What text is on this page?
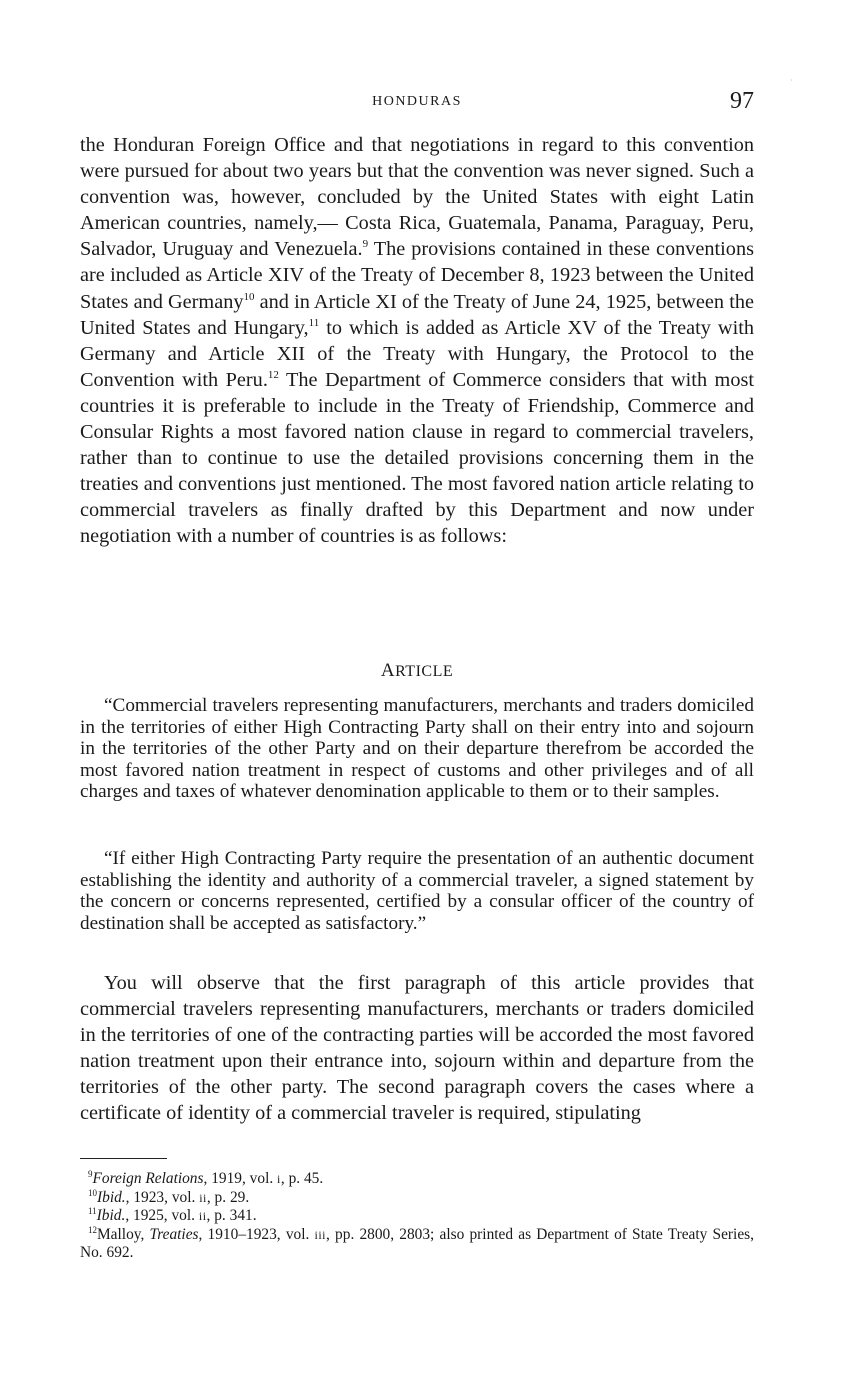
HONDURAS	97
·

the Honduran Foreign Office and that negotiations in regard to this convention were pursued for about two years but that the convention was never signed. Such a convention was, however, concluded by the United States with eight Latin American countries, namely,— Costa Rica, Guatemala, Panama, Paraguay, Peru, Salvador, Uruguay and Venezuela.$^9$ The provisions contained in these conventions are included as Article XIV of the Treaty of December 8, 1923 between the United States and Germany$^{10}$ and in Article XI of the Treaty of June 24, 1925, between the United States and Hungary,$^{11}$ to which is added as Article XV of the Treaty with Germany and Article XII of the Treaty with Hungary, the Protocol to the Convention with Peru.$^{12}$ The Department of Commerce considers that with most countries it is preferable to include in the Treaty of Friendship, Commerce and Consular Rights a most favored nation clause in regard to commercial travelers, rather than to continue to use the detailed provisions concerning them in the treaties and conventions just mentioned. The most favored nation article relating to commercial travelers as finally drafted by this Department and now under negotiation with a number of countries is as follows:

ARTICLE

“Commercial travelers representing manufacturers, merchants and traders domiciled in the territories of either High Contracting Party shall on their entry into and sojourn in the territories of the other Party and on their departure therefrom be accorded the most favored nation treatment in respect of customs and other privileges and of all charges and taxes of whatever denomination applicable to them or to their samples.

“If either High Contracting Party require the presentation of an authentic document establishing the identity and authority of a commercial traveler, a signed statement by the concern or concerns represented, certified by a consular officer of the country of destination shall be accepted as satisfactory.”

You will observe that the first paragraph of this article provides that commercial travelers representing manufacturers, merchants or traders domiciled in the territories of one of the contracting parties will be accorded the most favored nation treatment upon their entrance into, sojourn within and departure from the territories of the other party. The second paragraph covers the cases where a certificate of identity of a commercial traveler is required, stipulating

$^9$Foreign Relations, 1919, vol. i, p. 45.

$^{10}$Ibid., 1923, vol. ii, p. 29.

$^{11}$Ibid., 1925, vol. ii, p. 341.

$^{12}$Malloy, Treaties, 1910–1923, vol. iii, pp. 2800, 2803; also printed as Department of State Treaty Series, No. 692.
